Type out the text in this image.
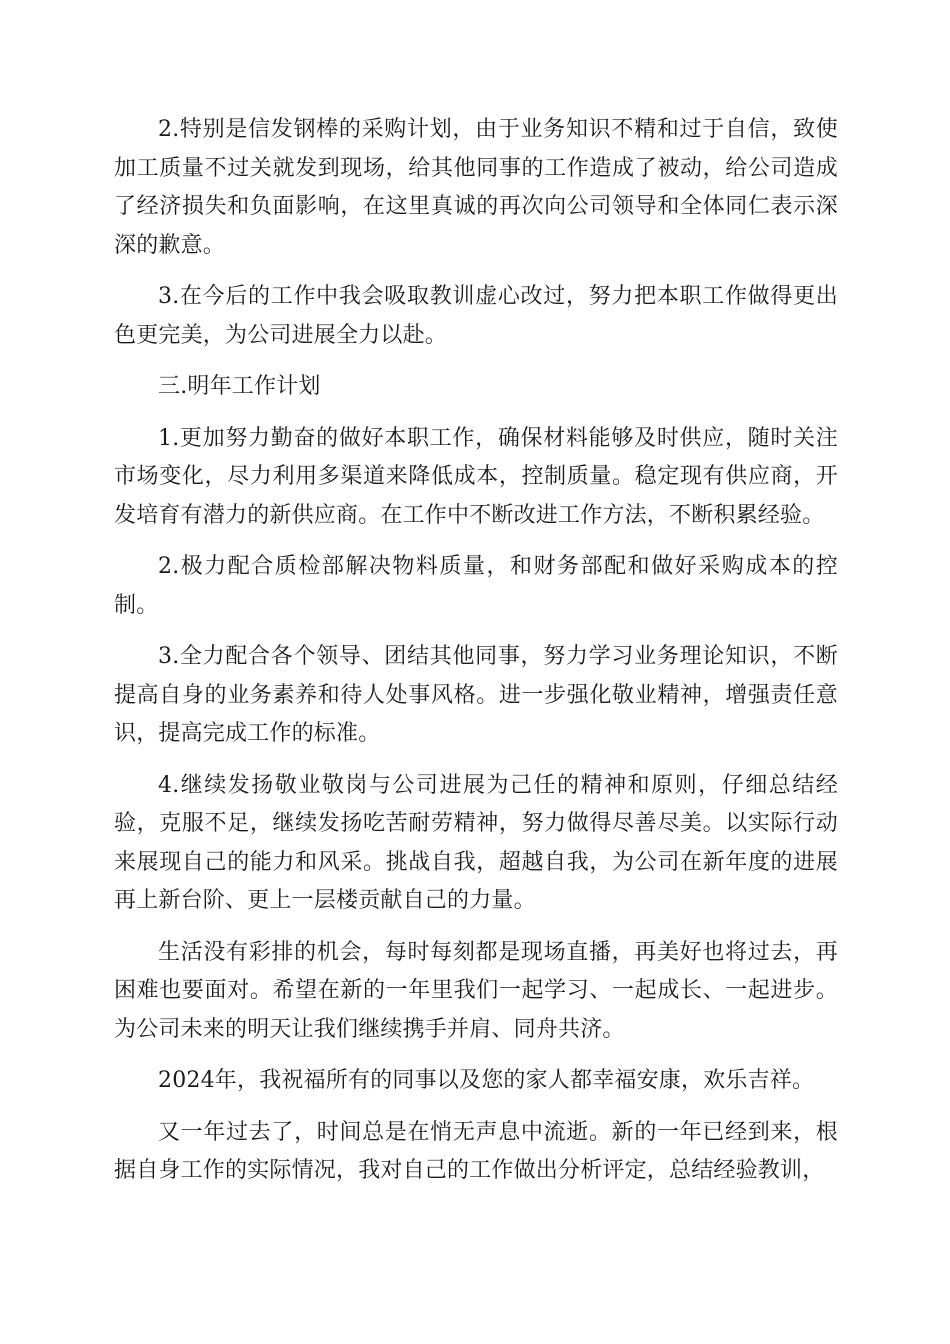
2.特别是信发钢棒的采购计划，由于业务知识不精和过于自信，致使加工质量不过关就发到现场，给其他同事的工作造成了被动，给公司造成了经济损失和负面影响，在这里真诚的再次向公司领导和全体同仁表示深深的歉意。

3.在今后的工作中我会吸取教训虚心改过，努力把本职工作做得更出色更完美，为公司进展全力以赴。

三.明年工作计划

1.更加努力勤奋的做好本职工作，确保材料能够及时供应，随时关注市场变化，尽力利用多渠道来降低成本，控制质量。稳定现有供应商，开发培育有潜力的新供应商。在工作中不断改进工作方法，不断积累经验。

2.极力配合质检部解决物料质量，和财务部配和做好采购成本的控制。

3.全力配合各个领导、团结其他同事，努力学习业务理论知识，不断提高自身的业务素养和待人处事风格。进一步强化敬业精神，增强责任意识，提高完成工作的标准。

4.继续发扬敬业敬岗与公司进展为己任的精神和原则，仔细总结经验，克服不足，继续发扬吃苦耐劳精神，努力做得尽善尽美。以实际行动来展现自己的能力和风采。挑战自我，超越自我，为公司在新年度的进展再上新台阶、更上一层楼贡献自己的力量。

生活没有彩排的机会，每时每刻都是现场直播，再美好也将过去，再困难也要面对。希望在新的一年里我们一起学习、一起成长、一起进步。为公司未来的明天让我们继续携手并肩、同舟共济。

2024年，我祝福所有的同事以及您的家人都幸福安康，欢乐吉祥。

又一年过去了，时间总是在悄无声息中流逝。新的一年已经到来，根据自身工作的实际情况，我对自己的工作做出分析评定，总结经验教训，
